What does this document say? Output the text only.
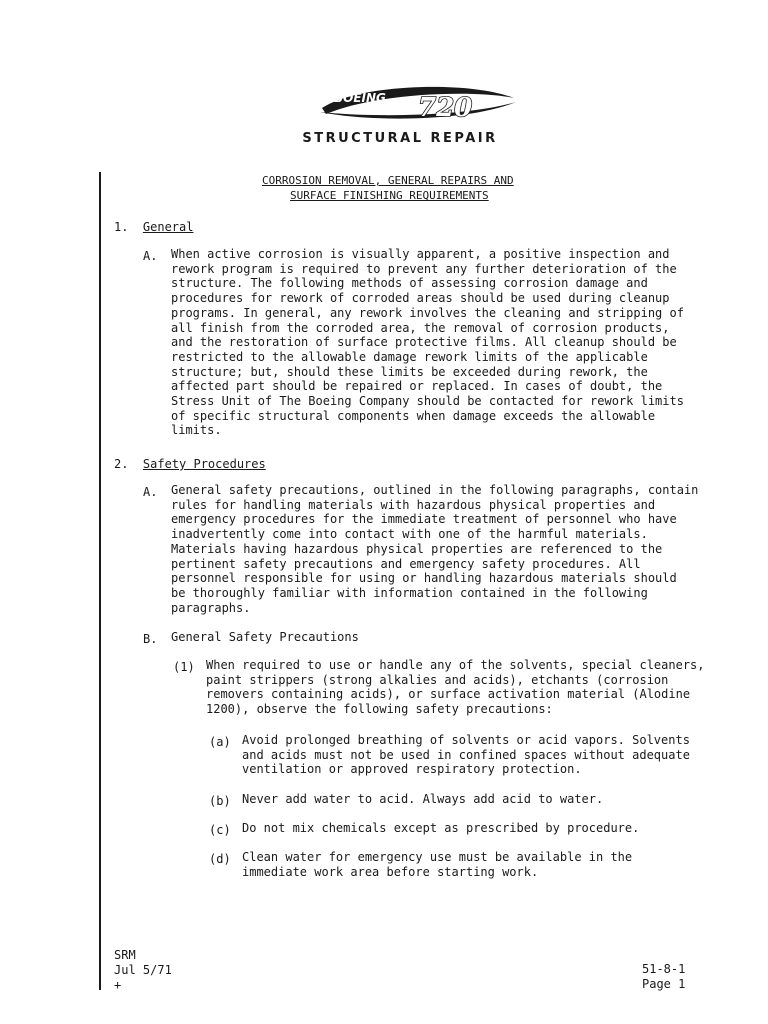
BOEING 720
STRUCTURAL REPAIR
CORROSION REMOVAL, GENERAL REPAIRS AND
SURFACE FINISHING REQUIREMENTS
1. General
A. When active corrosion is visually apparent, a positive inspection and
rework program is required to prevent any further deterioration of the
structure. The following methods of assessing corrosion damage and
procedures for rework of corroded areas should be used during cleanup
programs. In general, any rework involves the cleaning and stripping of
all finish from the corroded area, the removal of corrosion products,
and the restoration of surface protective films. All cleanup should be
restricted to the allowable damage rework limits of the applicable
structure; but, should these limits be exceeded during rework, the
affected part should be repaired or replaced. In cases of doubt, the
Stress Unit of The Boeing Company should be contacted for rework limits
of specific structural components when damage exceeds the allowable
limits.
2. Safety Procedures
A. General safety precautions, outlined in the following paragraphs, contain
rules for handling materials with hazardous physical properties and
emergency procedures for the immediate treatment of personnel who have
inadvertently come into contact with one of the harmful materials.
Materials having hazardous physical properties are referenced to the
pertinent safety precautions and emergency safety procedures. All
personnel responsible for using or handling hazardous materials should
be thoroughly familiar with information contained in the following
paragraphs.
B. General Safety Precautions
(1) When required to use or handle any of the solvents, special cleaners,
paint strippers (strong alkalies and acids), etchants (corrosion
removers containing acids), or surface activation material (Alodine
1200), observe the following safety precautions:
(a) Avoid prolonged breathing of solvents or acid vapors. Solvents
and acids must not be used in confined spaces without adequate
ventilation or approved respiratory protection.
(b) Never add water to acid. Always add acid to water.
(c) Do not mix chemicals except as prescribed by procedure.
(d) Clean water for emergency use must be available in the
immediate work area before starting work.
SRM
Jul 5/71
+
51-8-1
Page 1
